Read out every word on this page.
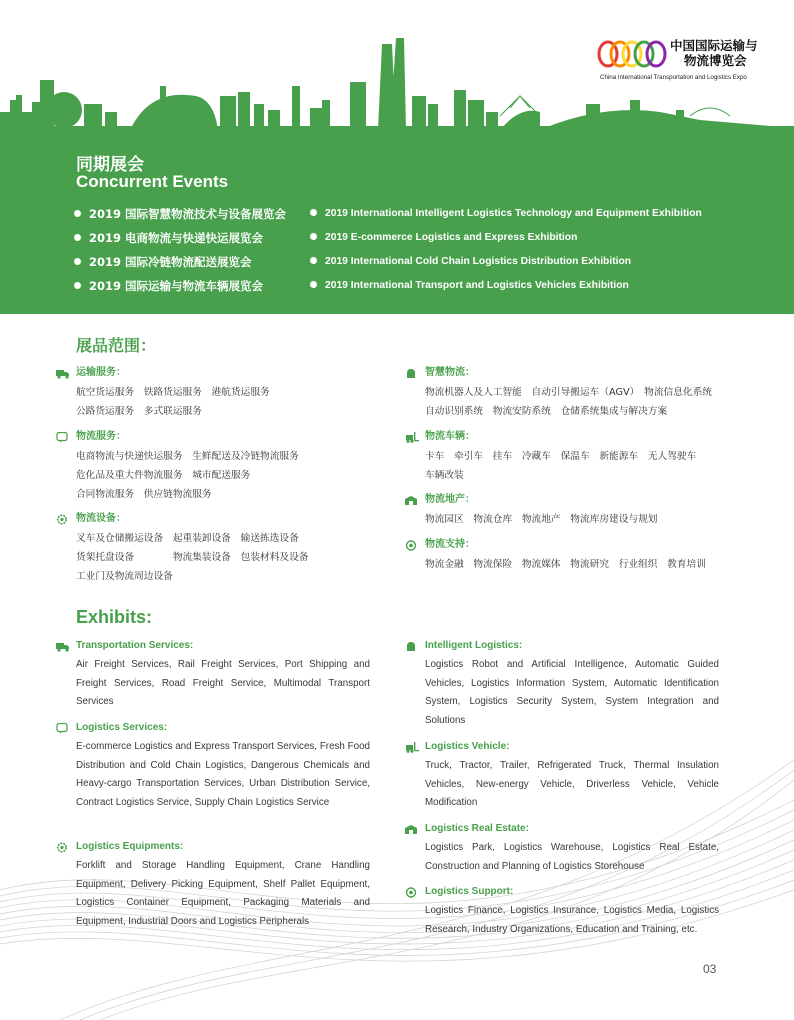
中国国际运输与
物流博览会
China International Transportation and Logistics Expo
同期展会
Concurrent Events
2019 国际智慧物流技术与设备展览会
2019 电商物流与快递快运展览会
2019 国际冷链物流配送展览会
2019 国际运输与物流车辆展览会
2019 International Intelligent Logistics Technology and Equipment Exhibition
2019 E-commerce Logistics and Express Exhibition
2019 International Cold Chain Logistics Distribution Exhibition
2019 International Transport and Logistics Vehicles Exhibition
展品范围：
运输服务：
航空货运服务　铁路货运服务　港航货运服务
公路货运服务　多式联运服务
物流服务：
电商物流与快递快运服务　生鲜配送及冷链物流服务
危化品及重大件物流服务　城市配送服务
合同物流服务　供应链物流服务
物流设备：
叉车及仓储搬运设备　起重装卸设备　输送拣选设备
货架托盘设备　　　　物流集装设备　包装材料及设备
工业门及物流周边设备
智慧物流：
物流机器人及人工智能　自动引导搬运车（AGV）　物流信息化系统
自动识别系统　物流安防系统　仓储系统集成与解决方案
物流车辆：
卡车　牵引车　挂车　冷藏车　保温车　新能源车　无人驾驶车
车辆改装
物流地产：
物流园区　物流仓库　物流地产　物流库房建设与规划
物流支持：
物流金融　物流保险　物流媒体　物流研究　行业组织　教育培训
Exhibits:
Transportation Services:
Air Freight Services, Rail Freight Services, Port Shipping and Freight Services, Road Freight Service, Multimodal Transport Services
Logistics Services:
E-commerce Logistics and Express Transport Services, Fresh Food Distribution and Cold Chain Logistics, Dangerous Chemicals and Heavy-cargo Transportation Services, Urban Distribution Service, Contract Logistics Service, Supply Chain Logistics Service
Logistics Equipments:
Forklift and Storage Handling Equipment, Crane Handling Equipment, Delivery Picking Equipment, Shelf Pallet Equipment, Logistics Container Equipment, Packaging Materials and Equipment, Industrial Doors and Logistics Peripherals
Intelligent Logistics:
Logistics Robot and Artificial Intelligence, Automatic Guided Vehicles, Logistics Information System, Automatic Identification System, Logistics Security System, System Integration and Solutions
Logistics Vehicle:
Truck, Tractor, Trailer, Refrigerated Truck, Thermal Insulation Vehicles, New-energy Vehicle, Driverless Vehicle, Vehicle Modification
Logistics Real Estate:
Logistics Park, Logistics Warehouse, Logistics Real Estate, Construction and Planning of Logistics Storehouse
Logistics Support:
Logistics Finance, Logistics Insurance, Logistics Media, Logistics Research, Industry Organizations, Education and Training, etc.
03
